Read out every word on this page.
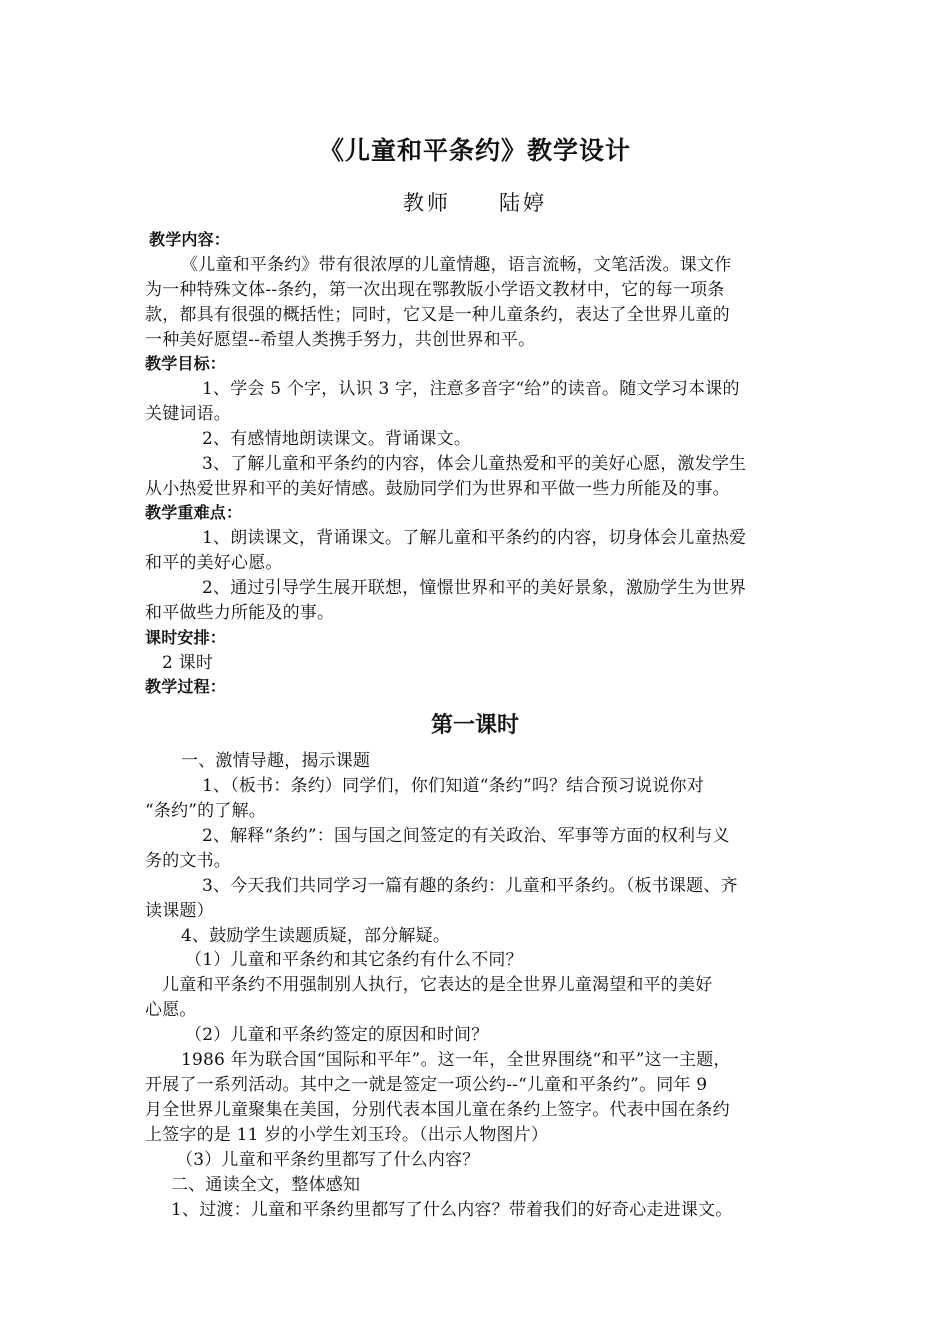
《儿童和平条约》教学设计
教师 陆婷
教学内容：
《儿童和平条约》带有很浓厚的儿童情趣，语言流畅，文笔活泼。课文作
为一种特殊文体--条约，第一次出现在鄂教版小学语文教材中，它的每一项条
款，都具有很强的概括性；同时，它又是一种儿童条约，表达了全世界儿童的
一种美好愿望--希望人类携手努力，共创世界和平。
教学目标：
1、学会 5 个字，认识 3 字，注意多音字“给”的读音。随文学习本课的
关键词语。
2、有感情地朗读课文。背诵课文。
3、了解儿童和平条约的内容，体会儿童热爱和平的美好心愿，激发学生
从小热爱世界和平的美好情感。鼓励同学们为世界和平做一些力所能及的事。
教学重难点：
1、朗读课文，背诵课文。了解儿童和平条约的内容，切身体会儿童热爱
和平的美好心愿。
2、通过引导学生展开联想，憧憬世界和平的美好景象，激励学生为世界
和平做些力所能及的事。
课时安排：
2 课时
教学过程：
第一课时
一、激情导趣，揭示课题
1、（板书：条约）同学们，你们知道“条约”吗？结合预习说说你对
“条约”的了解。
2、解释“条约”：国与国之间签定的有关政治、军事等方面的权利与义
务的文书。
3、今天我们共同学习一篇有趣的条约：儿童和平条约。（板书课题、齐
读课题）
4、鼓励学生读题质疑，部分解疑。
（1）儿童和平条约和其它条约有什么不同？
儿童和平条约不用强制别人执行，它表达的是全世界儿童渴望和平的美好
心愿。
（2）儿童和平条约签定的原因和时间？
1986 年为联合国“国际和平年”。这一年，全世界围绕“和平”这一主题，
开展了一系列活动。其中之一就是签定一项公约--“儿童和平条约”。同年 9
月全世界儿童聚集在美国，分别代表本国儿童在条约上签字。代表中国在条约
上签字的是 11 岁的小学生刘玉玲。（出示人物图片）
（3）儿童和平条约里都写了什么内容？
二、通读全文，整体感知
1、过渡：儿童和平条约里都写了什么内容？带着我们的好奇心走进课文。
